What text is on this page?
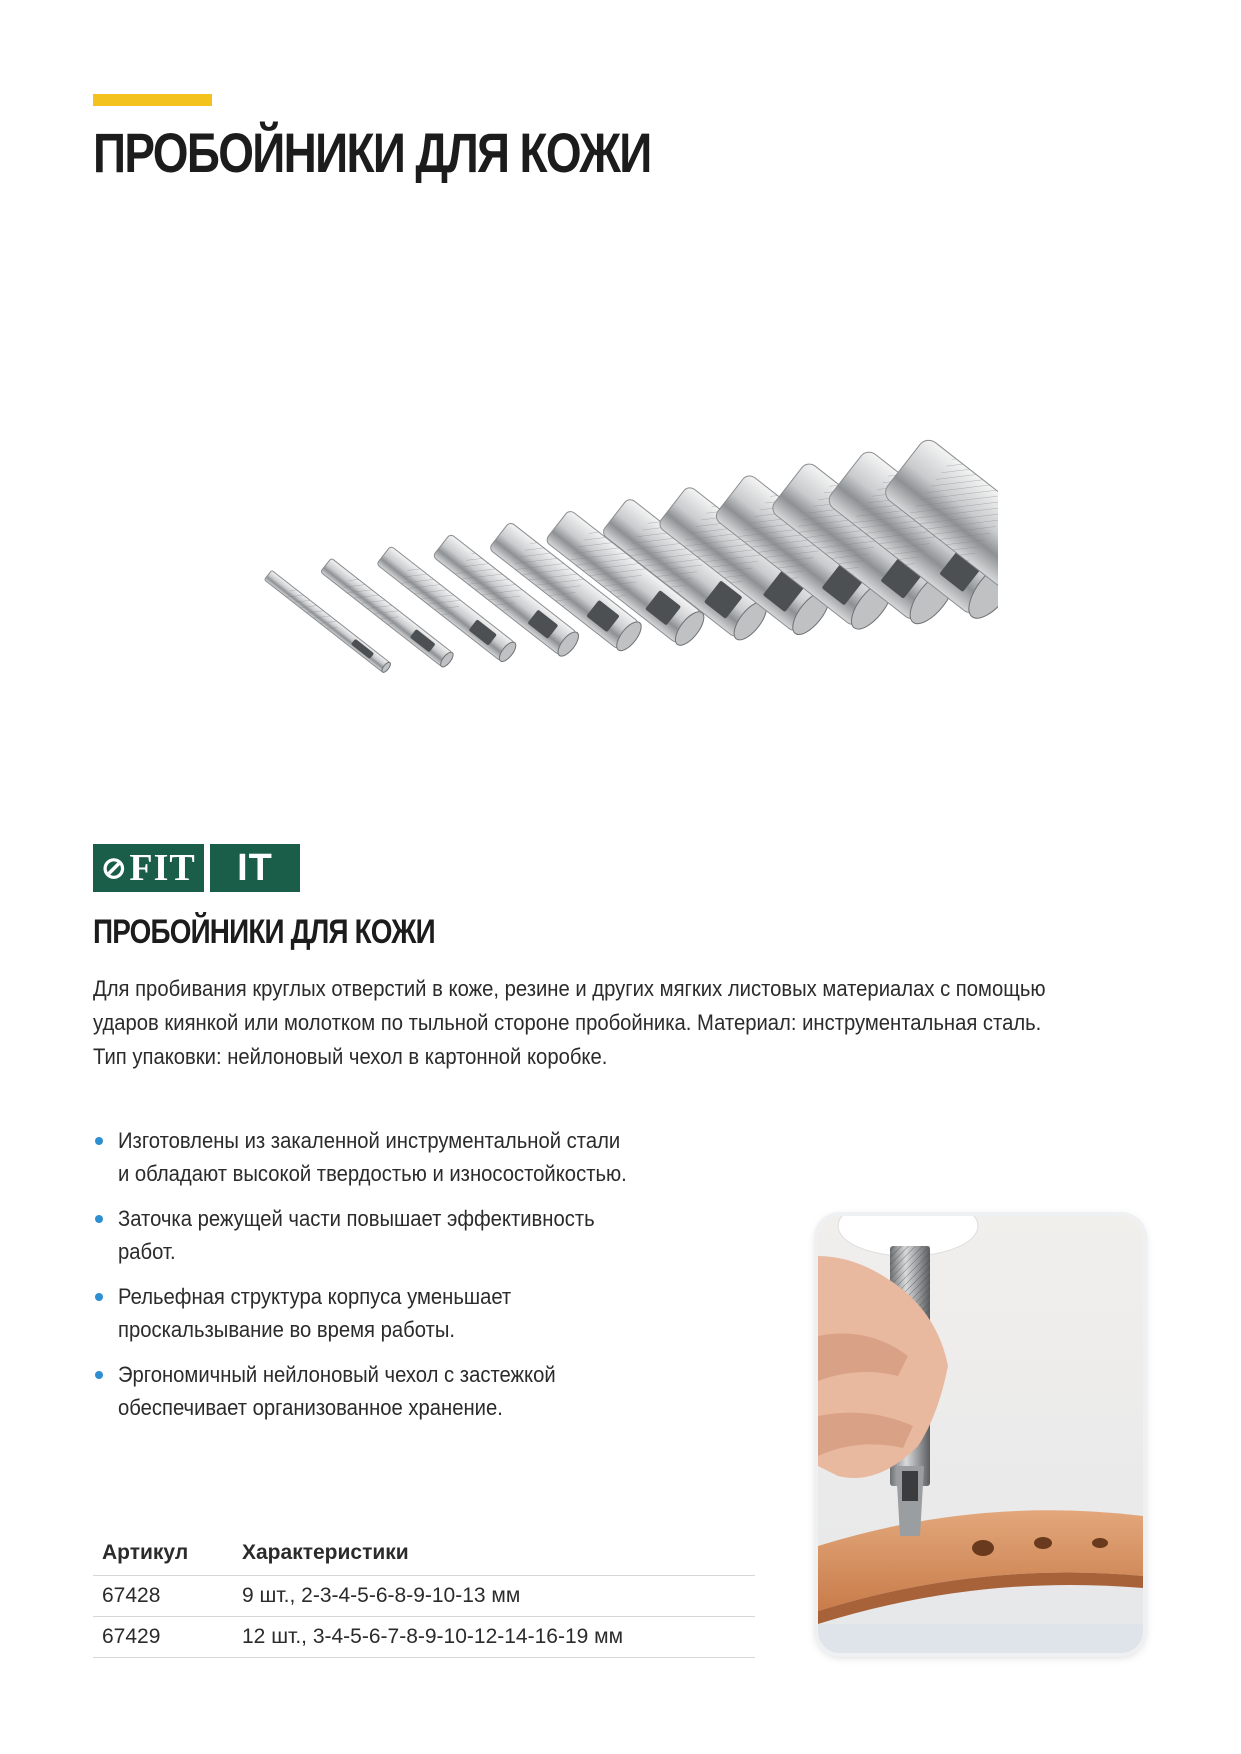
ПРОБОЙНИКИ ДЛЯ КОЖИ
⊘ FIT	IT
ПРОБОЙНИКИ ДЛЯ КОЖИ

Для пробивания круглых отверстий в коже, резине и других мягких листовых материалах с помощью ударов киянкой или молотком по тыльной стороне пробойника. Материал: инструментальная сталь. Тип упаковки: нейлоновый чехол в картонной коробке.

Изготовлены из закаленной инструментальной стали и обладают высокой твердостью и износостойкостью.
Заточка режущей части повышает эффективность работ.
Рельефная структура корпуса уменьшает проскальзывание во время работы.
Эргономичный нейлоновый чехол с застежкой обеспечивает организованное хранение.
Артикул	Характеристики
67428	9 шт., 2-3-4-5-6-8-9-10-13 мм
67429	12 шт., 3-4-5-6-7-8-9-10-12-14-16-19 мм
